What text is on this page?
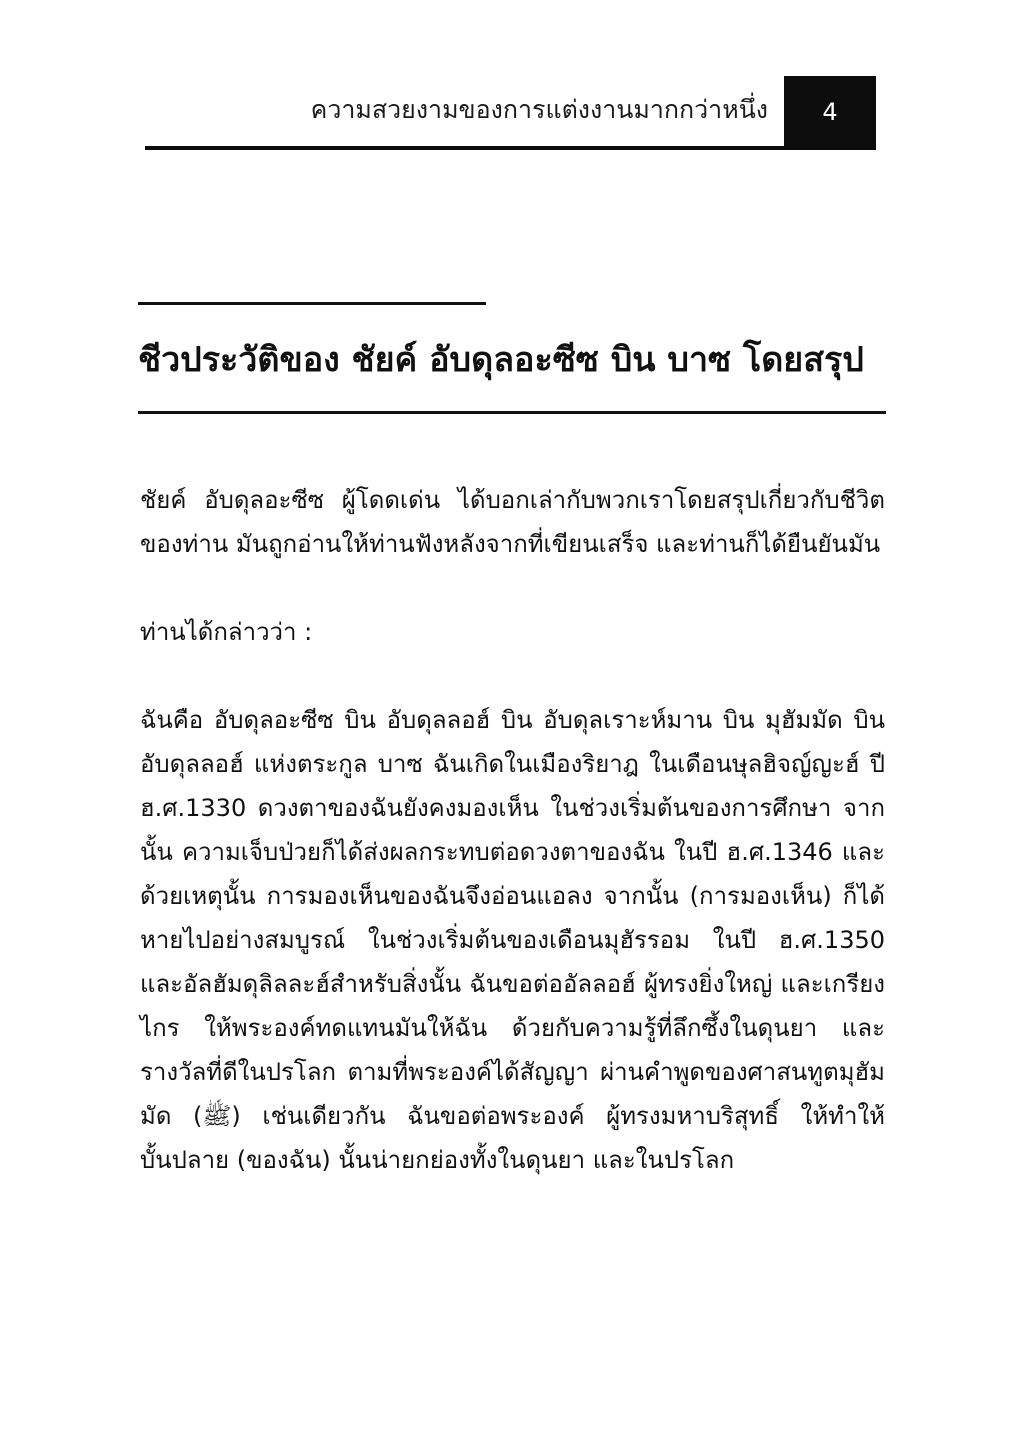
ความสวยงามของการแต่งงานมากกว่าหนึ่ง	4
ชีวประวัติของ ชัยค์ อับดุลอะซีซ บิน บาซ โดยสรุป

ชัยค์ อับดุลอะซีซ ผู้โดดเด่น ได้บอกเล่ากับพวกเราโดยสรุปเกี่ยวกับชีวิตของท่าน มันถูกอ่านให้ท่านฟังหลังจากที่เขียนเสร็จ และท่านก็ได้ยืนยันมัน

ท่านได้กล่าวว่า :

ฉันคือ อับดุลอะซีซ บิน อับดุลลอฮ์ บิน อับดุลเราะห์มาน บิน มุฮัมมัด บิน อับดุลลอฮ์ แห่งตระกูล บาซ ฉันเกิดในเมืองริยาฎ ในเดือนษุลฮิจญ์ญะฮ์ ปี ฮ.ศ.1330 ดวงตาของฉันยังคงมองเห็น ในช่วงเริ่มต้นของการศึกษา จากนั้น ความเจ็บป่วยก็ได้ส่งผลกระทบต่อดวงตาของฉัน ในปี ฮ.ศ.1346 และด้วยเหตุนั้น การมองเห็นของฉันจึงอ่อนแอลง จากนั้น (การมองเห็น) ก็ได้หายไปอย่างสมบูรณ์ ในช่วงเริ่มต้นของเดือนมุฮัรรอม ในปี ฮ.ศ.1350 และอัลฮัมดุลิลละฮ์สำหรับสิ่งนั้น ฉันขอต่ออัลลอฮ์ ผู้ทรงยิ่งใหญ่ และเกรียงไกร ให้พระองค์ทดแทนมันให้ฉัน ด้วยกับความรู้ที่ลึกซึ้งในดุนยา และรางวัลที่ดีในปรโลก ตามที่พระองค์ได้สัญญา ผ่านคำพูดของศาสนทูตมุฮัมมัด (ﷺ) เช่นเดียวกัน ฉันขอต่อพระองค์ ผู้ทรงมหาบริสุทธิ์ ให้ทำให้บั้นปลาย (ของฉัน) นั้นน่ายกย่องทั้งในดุนยา และในปรโลก
